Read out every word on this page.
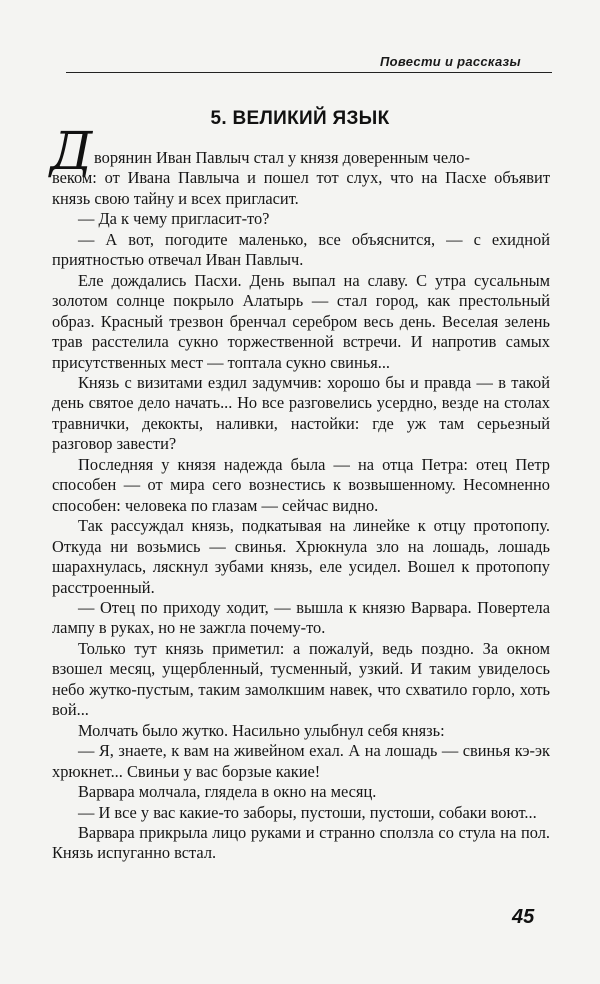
Повести и рассказы
5. ВЕЛИКИЙ ЯЗЫК
Д ворянин Иван Павлыч стал у князя доверенным чело-
веком: от Ивана Павлыча и пошел тот слух, что на Пасхе объявит князь свою тайну и всех пригласит.

— Да к чему пригласит-то?

— А вот, погодите маленько, все объяснится, — с ехидной приятностью отвечал Иван Павлыч.

Еле дождались Пасхи. День выпал на славу. С утра сусальным золотом солнце покрыло Алатырь — стал город, как престольный образ. Красный трезвон бренчал серебром весь день. Веселая зелень трав расстелила сукно торжественной встречи. И напротив самых присутственных мест — топтала сукно свинья...

Князь с визитами ездил задумчив: хорошо бы и правда — в такой день святое дело начать... Но все разговелись усердно, везде на столах травнички, декокты, наливки, настойки: где уж там серьезный разговор завести?

Последняя у князя надежда была — на отца Петра: отец Петр способен — от мира сего вознестись к возвышенному. Несомненно способен: человека по глазам — сейчас видно.

Так рассуждал князь, подкатывая на линейке к отцу протопопу. Откуда ни возьмись — свинья. Хрюкнула зло на лошадь, лошадь шарахнулась, ляскнул зубами князь, еле усидел. Вошел к протопопу расстроенный.

— Отец по приходу ходит, — вышла к князю Варвара. Повертела лампу в руках, но не зажгла почему-то.

Только тут князь приметил: а пожалуй, ведь поздно. За окном взошел месяц, ущербленный, тусменный, узкий. И таким увиделось небо жутко-пустым, таким замолкшим навек, что схватило горло, хоть вой...

Молчать было жутко. Насильно улыбнул себя князь:

— Я, знаете, к вам на живейном ехал. А на лошадь — свинья кэ-эк хрюкнет... Свиньи у вас борзые какие!

Варвара молчала, глядела в окно на месяц.

— И все у вас какие-то заборы, пустоши, пустоши, собаки воют...

Варвара прикрыла лицо руками и странно сползла со стула на пол. Князь испуганно встал.

45
